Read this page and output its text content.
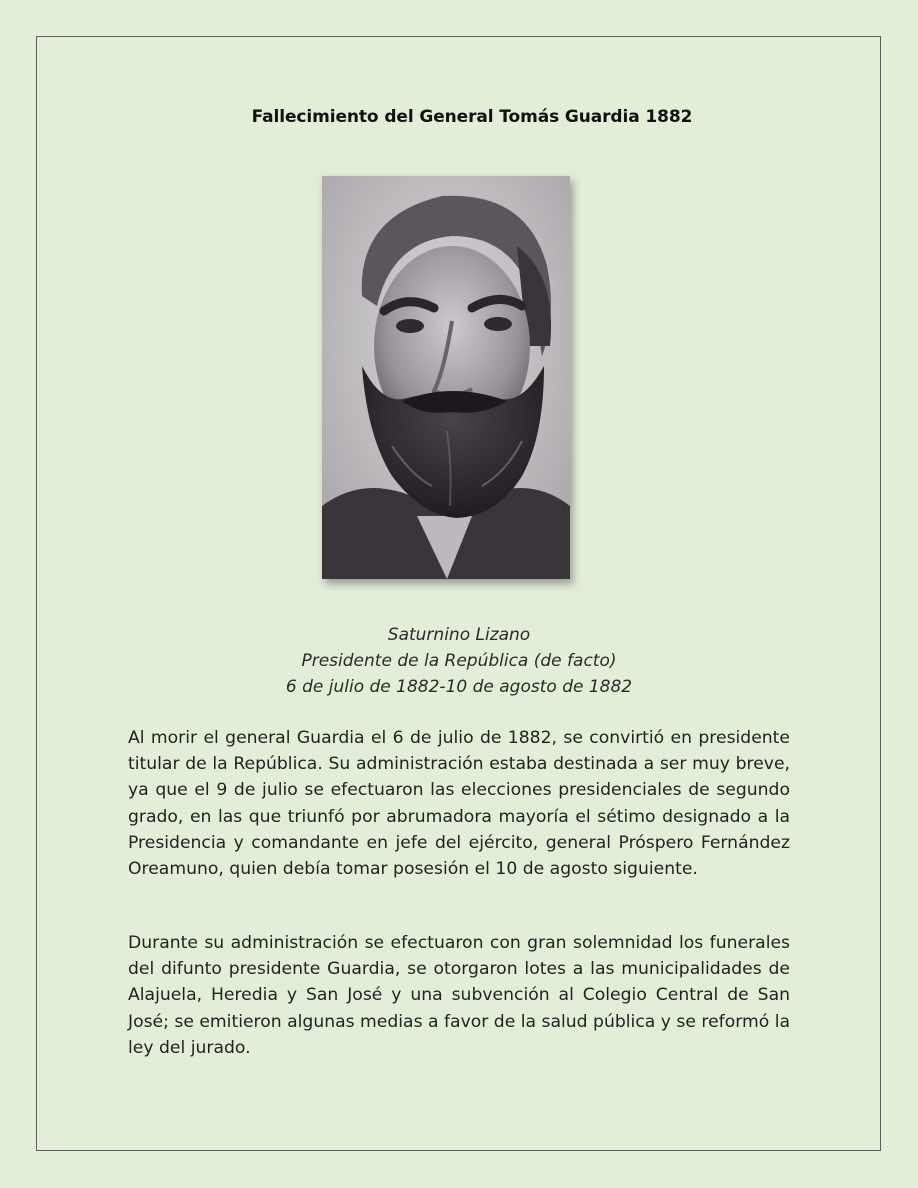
Fallecimiento del General Tomás Guardia 1882
Saturnino Lizano
Presidente de la República (de facto)
6 de julio de 1882-10 de agosto de 1882
Al morir el general Guardia el 6 de julio de 1882, se convirtió en presidente titular de la República. Su administración estaba destinada a ser muy breve, ya que el 9 de julio se efectuaron las elecciones presidenciales de segundo grado, en las que triunfó por abrumadora mayoría el sétimo designado a la Presidencia y comandante en jefe del ejército, general Próspero Fernández Oreamuno, quien debía tomar posesión el 10 de agosto siguiente.
Durante su administración se efectuaron con gran solemnidad los funerales del difunto presidente Guardia, se otorgaron lotes a las municipalidades de Alajuela, Heredia y San José y una subvención al Colegio Central de San José; se emitieron algunas medias a favor de la salud pública y se reformó la ley del jurado.
